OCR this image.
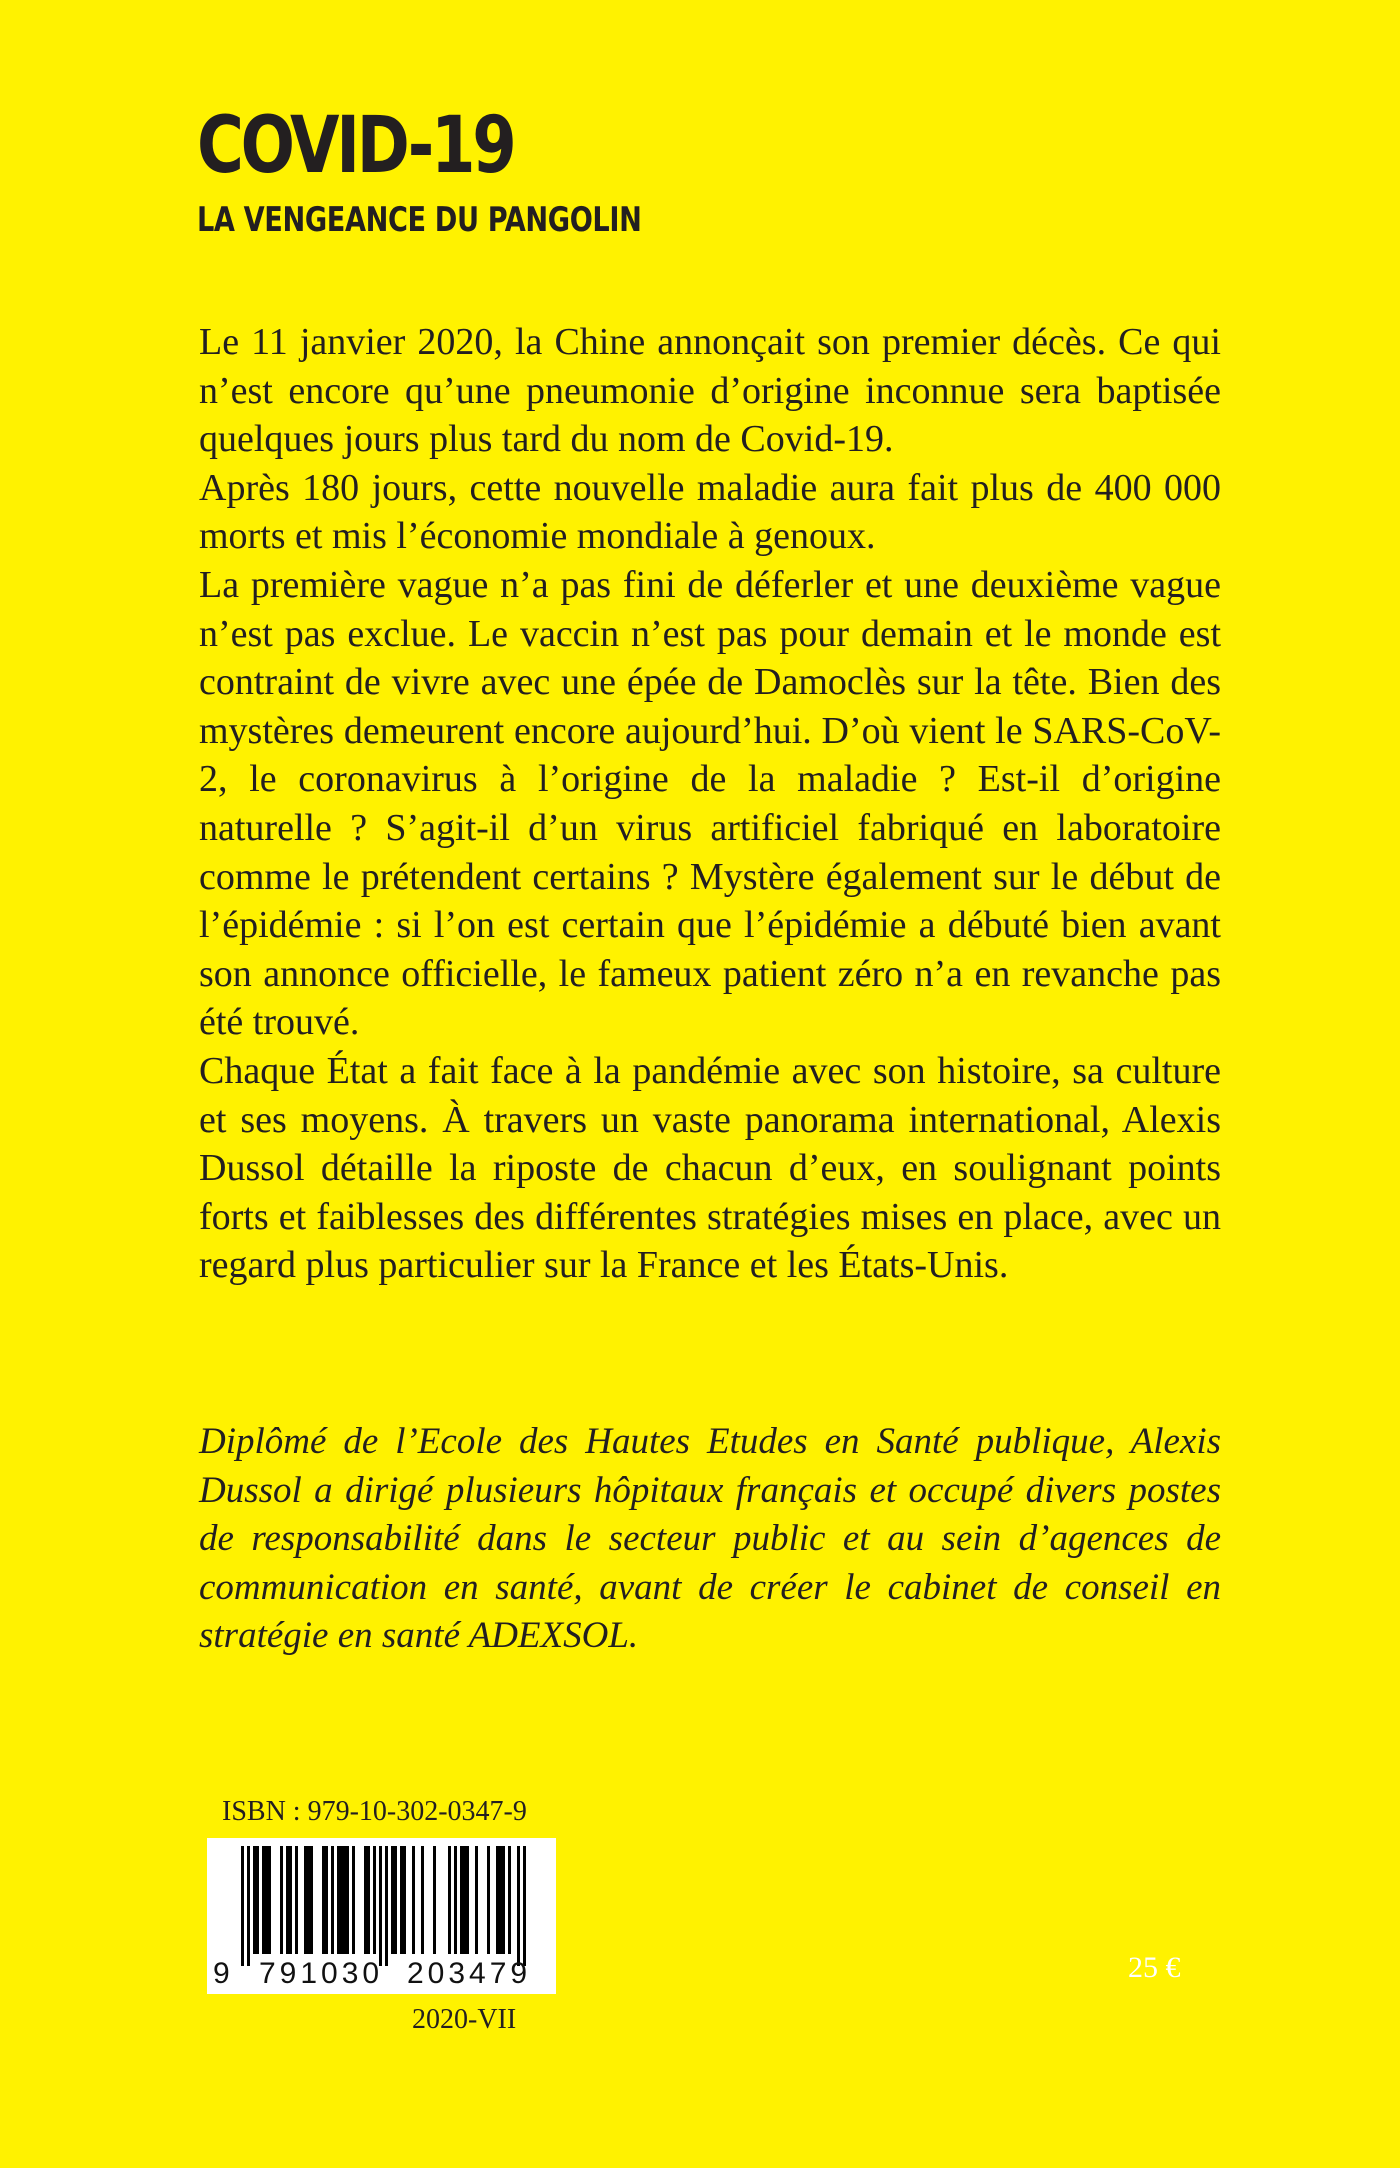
COVID-19
LA VENGEANCE DU PANGOLIN

Le 11 janvier 2020, la Chine annonçait son premier décès. Ce qui n’est encore qu’une pneumonie d’origine inconnue sera baptisée quelques jours plus tard du nom de Covid-19.

Après 180 jours, cette nouvelle maladie aura fait plus de 400 000 morts et mis l’économie mondiale à genoux.

La première vague n’a pas fini de déferler et une deuxième vague n’est pas exclue. Le vaccin n’est pas pour demain et le monde est contraint de vivre avec une épée de Damoclès sur la tête. Bien des mystères demeurent encore aujourd’hui. D’où vient le SARS-CoV-2, le coronavirus à l’origine de la maladie ? Est-il d’origine naturelle ? S’agit-il d’un virus artificiel fabriqué en laboratoire comme le prétendent certains ? Mystère également sur le début de l’épidémie : si l’on est certain que l’épidémie a débuté bien avant son annonce officielle, le fameux patient zéro n’a en revanche pas été trouvé.

Chaque État a fait face à la pandémie avec son histoire, sa culture et ses moyens. À travers un vaste panorama international, Alexis Dussol détaille la riposte de chacun d’eux, en soulignant points forts et faiblesses des différentes stratégies mises en place, avec un regard plus particulier sur la France et les États-Unis.

Diplômé de l’Ecole des Hautes Etudes en Santé publique, Alexis Dussol a dirigé plusieurs hôpitaux français et occupé divers postes de responsabilité dans le secteur public et au sein d’agences de communication en santé, avant de créer le cabinet de conseil en stratégie en santé ADEXSOL.

ISBN : 979-10-302-0347-9
9 791030 203479
2020-VII
25 €
